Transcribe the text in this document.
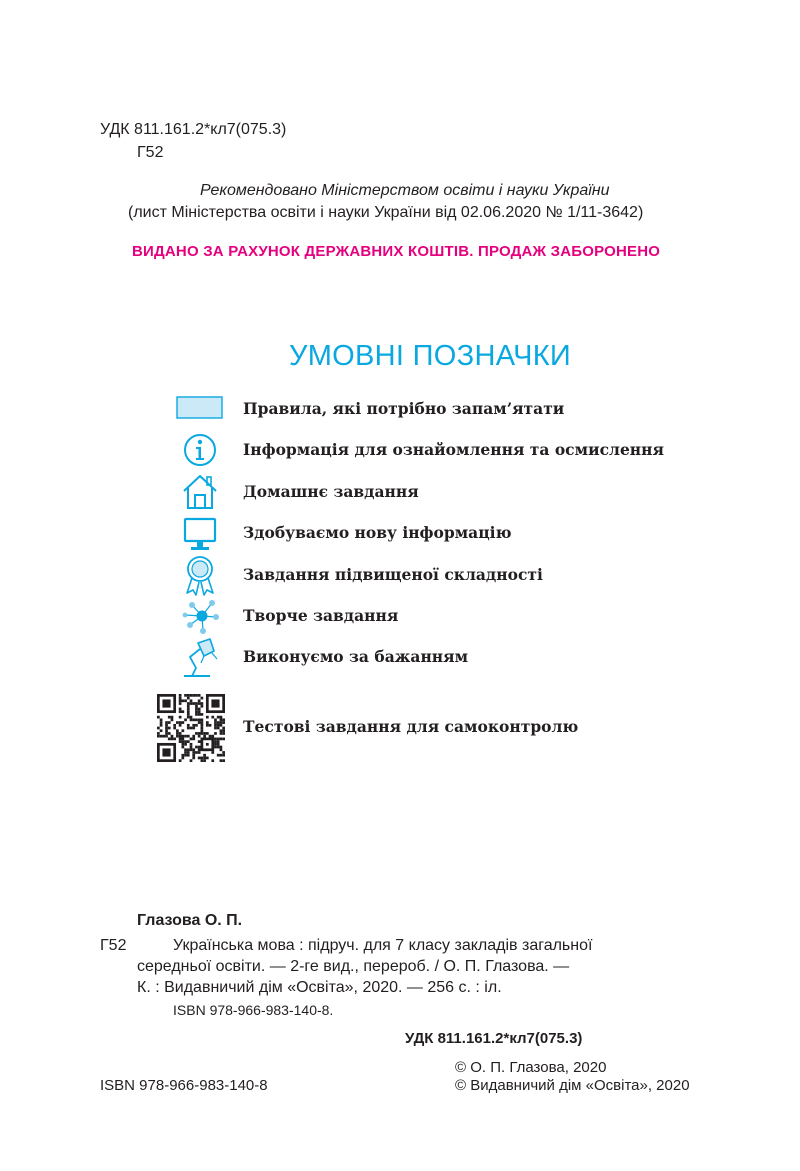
УДК 811.161.2*кл7(075.3)
Г52
Рекомендовано Міністерством освіти і науки України
(лист Міністерства освіти і науки України від 02.06.2020 № 1/11-3642)
ВИДАНО ЗА РАХУНОК ДЕРЖАВНИХ КОШТІВ. ПРОДАЖ ЗАБОРОНЕНО
УМОВНІ ПОЗНАЧКИ
Правила, які потрібно запам’ятати
Інформація для ознайомлення та осмислення
Домашнє завдання
Здобуваємо нову інформацію
Завдання підвищеної складності
Творче завдання
Виконуємо за бажанням
Тестові завдання для самоконтролю
Глазова О. П.
Г52	Українська мова : підруч. для 7 класу закладів загальної
середньої освіти. — 2-ге вид., перероб. / О. П. Глазова. —
К. : Видавничий дім «Освіта», 2020. — 256 с. : іл.
ISBN 978-966-983-140-8.
УДК 811.161.2*кл7(075.3)
© О. П. Глазова, 2020
© Видавничий дім «Освіта», 2020
ISBN 978-966-983-140-8
